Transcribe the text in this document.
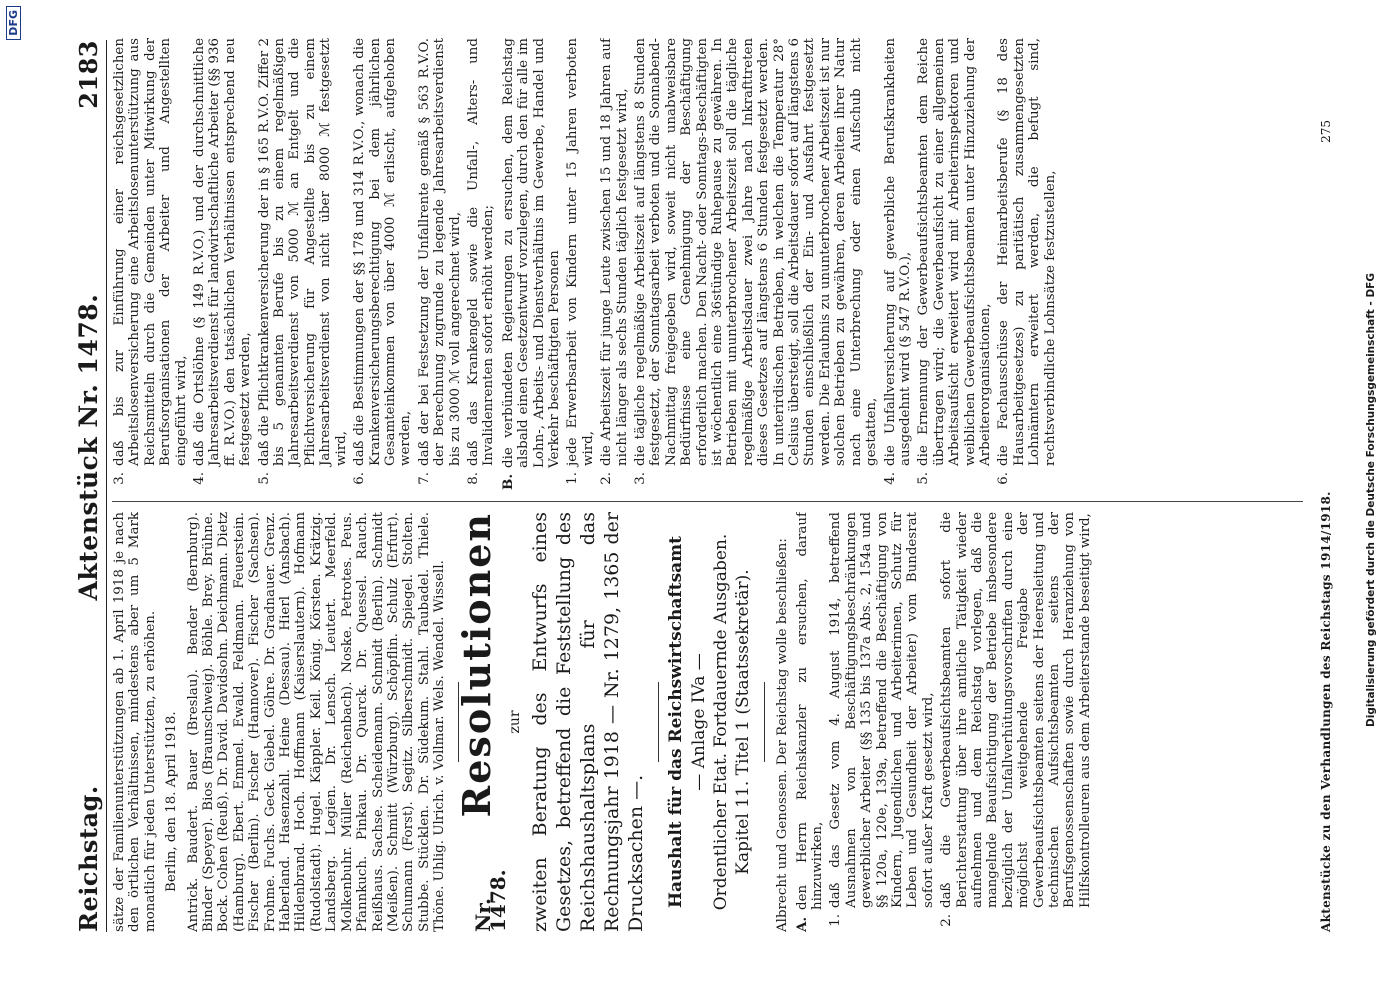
Reichstag.
Aktenstück Nr. 1478.
2183

sätze der Familienunterstützungen ab 1. April 1918 je nach den örtlichen Verhältnissen, mindestens aber um 5 Mark monatlich für jeden Unterstützten, zu erhöhen. Berlin, den 18. April 1918. Antrick. Baudert. Bauer (Breslau). Bender (Bernburg). Binder (Speyer). Bios (Braunschweig). Böhle. Brey. Brühne. Bock. Cohen (Reuß). Dr. David. Davidsohn. Deichmann. Dietz (Hamburg). Ebert. Emmel. Ewald. Feldmann. Feuerstein. Fischer (Berlin). Fischer (Hannover). Fischer (Sachsen). Frohme. Fuchs. Geck. Giebel. Göhre. Dr. Gradnauer. Grenz. Haberland. Hasenzahl. Heine (Dessau). Hierl (Ansbach). Hildenbrand. Hoch. Hoffmann (Kaiserslautern). Hofmann (Rudolstadt). Hugel. Käppler. Keil. König. Körsten. Krätzig. Landsberg. Legien. Dr. Lensch. Leutert. Meerfeld. Molkenbuhr. Müller (Reichenbach). Noske. Petrotes. Peus. Pfannkuch. Pinkau. Dr. Quarck. Dr. Quessel. Rauch. Reißhaus. Sachse. Scheidemann. Schmidt (Berlin). Schmidt (Meißen). Schmitt (Würzburg). Schöpflin. Schulz (Erfurt). Schumann (Forst). Segitz. Silberschmidt. Spiegel. Stolten. Stubbe. Stücklen. Dr. Südekum. Stahl. Taubadel. Thiele. Thöne. Uhlig. Ulrich. v. Vollmar. Wels. Wendel. Wissell. Nr. 1478.
Resolutionen zur zweiten Beratung des Entwurfs eines Gesetzes, betreffend die Feststellung des Reichshaushaltsplans für das Rechnungsjahr 1918 — Nr. 1279, 1365 der Drucksachen —. Haushalt für das Reichswirtschaftsamt — Anlage IVa — Ordentlicher Etat. Fortdauernde Ausgaben. Kapitel 11. Titel 1 (Staatssekretär). Albrecht und Genossen. Der Reichstag wolle beschließen: A.
den Herrn Reichskanzler zu ersuchen, darauf hinzuwirken,
1.
daß das Gesetz vom 4. August 1914, betreffend Ausnahmen von Beschäftigungsbeschränkungen gewerblicher Arbeiter (§§ 135 bis 137a Abs. 2, 154a und §§ 120a, 120e, 139a, betreffend die Beschäftigung von Kindern, Jugendlichen und Arbeiterinnen, Schutz für Leben und Gesundheit der Arbeiter) vom Bundesrat sofort außer Kraft gesetzt wird,
2.
daß die Gewerbeaufsichtsbeamten sofort die Berichterstattung über ihre amtliche Tätigkeit wieder aufnehmen und dem Reichstag vorlegen, daß die mangelnde Beaufsichtigung der Betriebe insbesondere bezüglich der Unfallverhütungsvorschriften durch eine möglichst weitgehende Freigabe der Gewerbeaufsichtsbeamten seitens der Heeresleitung und technischen Aufsichtsbeamten seitens der Berufsgenossenschaften sowie durch Heranziehung von Hilfskontrolleuren aus dem Arbeiterstande beseitigt wird,
3.
daß bis zur Einführung einer reichsgesetzlichen Arbeitslosenversicherung eine Arbeitslosenunterstützung aus Reichsmitteln durch die Gemeinden unter Mitwirkung der Berufsorganisationen der Arbeiter und Angestellten eingeführt wird,
4.
daß die Ortslöhne (§ 149 R.V.O.) und der durchschnittliche Jahresarbeitsverdienst für landwirtschaftliche Arbeiter (§§ 936 ff. R.V.O.) den tatsächlichen Verhältnissen entsprechend neu festgesetzt werden,
5.
daß die Pflichtkrankenversicherung der in § 165 R.V.O. Ziffer 2 bis 5 genannten Berufe bis zu einem regelmäßigen Jahresarbeitsverdienst von 5000 ℳ an Entgelt und die Pflichtversicherung für Angestellte bis zu einem Jahresarbeitsverdienst von nicht über 8000 ℳ festgesetzt wird,
6.
daß die Bestimmungen der §§ 178 und 314 R.V.O., wonach die Krankenversicherungsberechtigung bei dem jährlichen Gesamteinkommen von über 4000 ℳ erlischt, aufgehoben werden,
7.
daß der bei Festsetzung der Unfallrente gemäß § 563 R.V.O. der Berechnung zugrunde zu legende Jahresarbeitsverdienst bis zu 3000 ℳ voll angerechnet wird,
8.
daß das Krankengeld sowie die Unfall-, Alters- und Invalidenrenten sofort erhöht werden;
B.
die verbündeten Regierungen zu ersuchen, dem Reichstag alsbald einen Gesetzentwurf vorzulegen, durch den für alle im Lohn-, Arbeits- und Dienstverhältnis im Gewerbe, Handel und Verkehr beschäftigten Personen
1.
jede Erwerbsarbeit von Kindern unter 15 Jahren verboten wird,
2.
die Arbeitszeit für junge Leute zwischen 15 und 18 Jahren auf nicht länger als sechs Stunden täglich festgesetzt wird,
3.
die tägliche regelmäßige Arbeitszeit auf längstens 8 Stunden festgesetzt, der Sonntagsarbeit verboten und die Sonnabend-Nachmittag freigegeben wird, soweit nicht unabweisbare Bedürfnisse eine Genehmigung der Beschäftigung erforderlich machen. Den Nacht- oder Sonntags-Beschäftigten ist wöchentlich eine 36stündige Ruhepause zu gewähren. In Betrieben mit ununterbrochener Arbeitszeit soll die tägliche regelmäßige Arbeitsdauer zwei Jahre nach Inkrafttreten dieses Gesetzes auf längstens 6 Stunden festgesetzt werden. In unterirdischen Betrieben, in welchen die Temperatur 28° Celsius übersteigt, soll die Arbeitsdauer sofort auf längstens 6 Stunden einschließlich der Ein- und Ausfahrt festgesetzt werden. Die Erlaubnis zu ununterbrochener Arbeitszeit ist nur solchen Betrieben zu gewähren, deren Arbeiten ihrer Natur nach eine Unterbrechung oder einen Aufschub nicht gestatten,
4.
die Unfallversicherung auf gewerbliche Berufskrankheiten ausgedehnt wird (§ 547 R.V.O.),
5.
die Ernennung der Gewerbeaufsichtsbeamten dem Reiche übertragen wird; die Gewerbeaufsicht zu einer allgemeinen Arbeitsaufsicht erweitert wird mit Arbeiterinspektoren und weiblichen Gewerbeaufsichtsbeamten unter Hinzuziehung der Arbeiterorganisationen,
6.
die Fachausschüsse der Heimarbeitsberufe (§ 18 des Hausarbeitgesetzes) zu paritätisch zusammengesetzten Lohnämtern erweitert werden, die befugt sind, rechtsverbindliche Lohnsätze festzustellen,
Aktenstücke zu den Verhandlungen des Reichstags 1914/1918.
275
Digitalisierung gefördert durch die Deutsche Forschungsgemeinschaft - DFG
DFG
